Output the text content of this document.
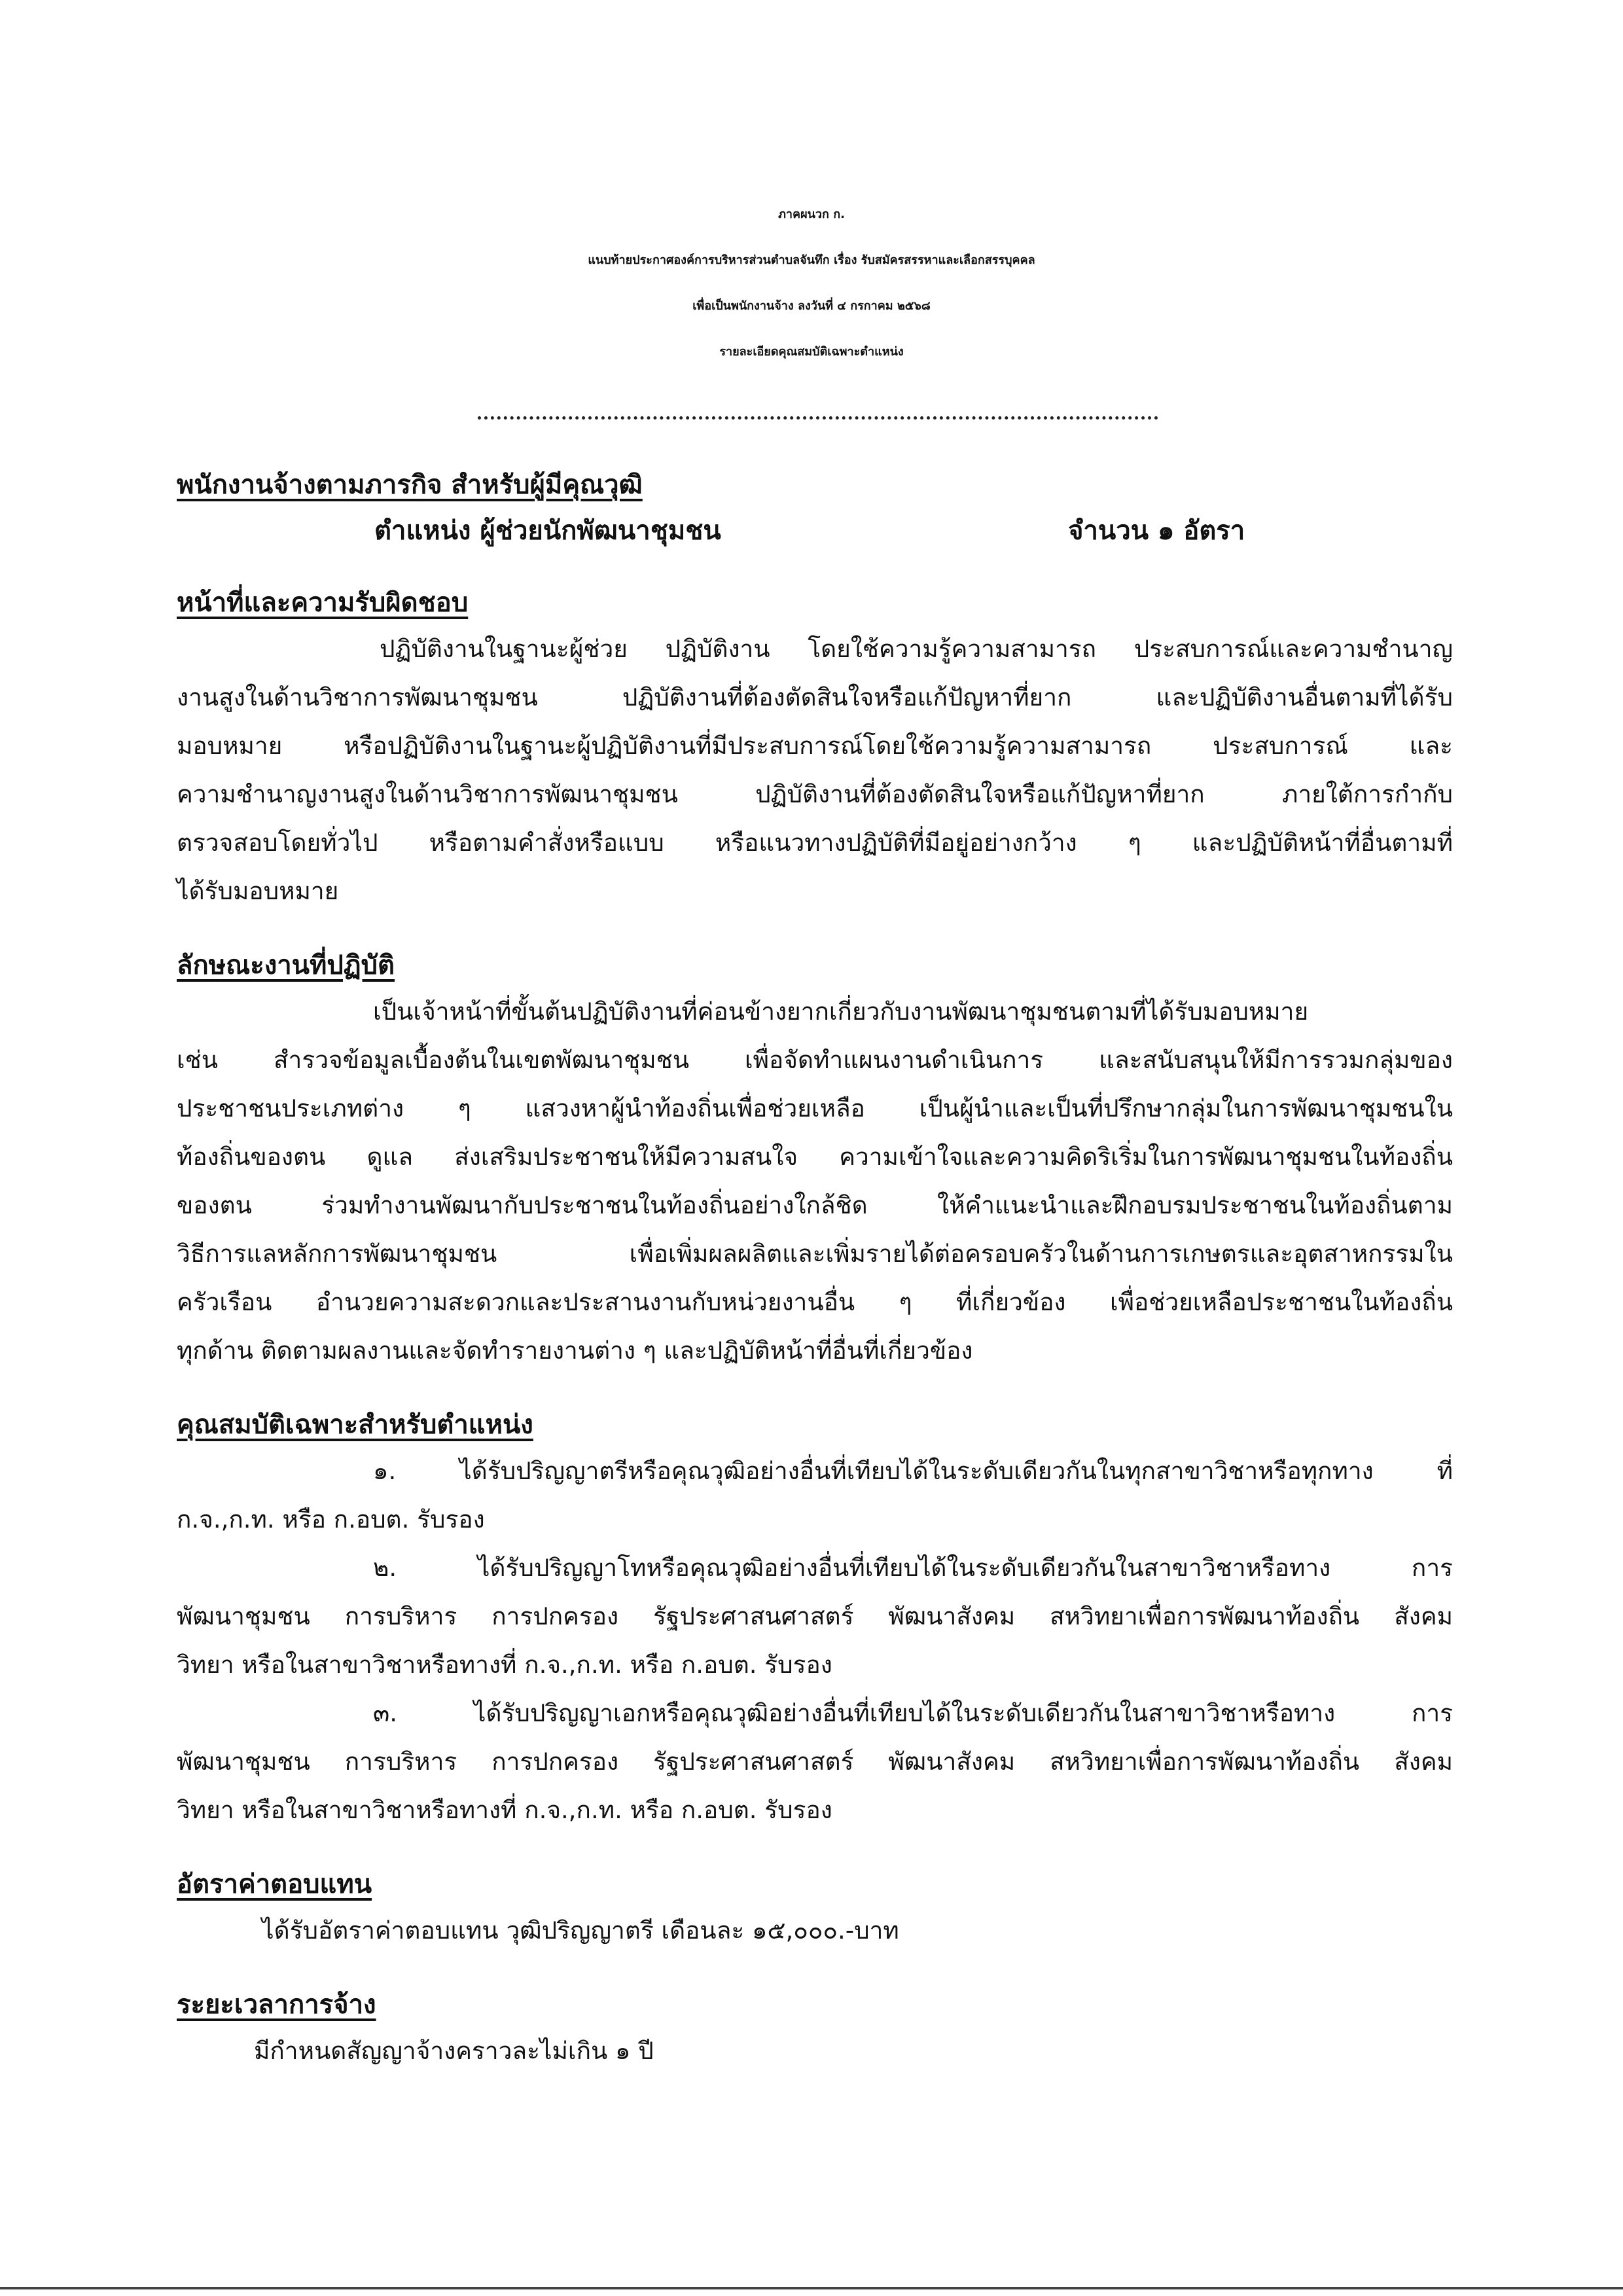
ภาคผนวก ก.
แนบท้ายประกาศองค์การบริหารส่วนตำบลจันทึก เรื่อง รับสมัครสรรหาและเลือกสรรบุคคล
เพื่อเป็นพนักงานจ้าง ลงวันที่ ๔ กรกาคม ๒๕๖๘
รายละเอียดคุณสมบัติเฉพาะตำแหน่ง
พนักงานจ้างตามภารกิจ สำหรับผู้มีคุณวุฒิ
ตำแหน่ง ผู้ช่วยนักพัฒนาชุมชน	จำนวน ๑ อัตรา
หน้าที่และความรับผิดชอบ
ปฏิบัติงานในฐานะผู้ช่วย ปฏิบัติงาน โดยใช้ความรู้ความสามารถ ประสบการณ์และความชำนาญ
งานสูงในด้านวิชาการพัฒนาชุมชน ปฏิบัติงานที่ต้องตัดสินใจหรือแก้ปัญหาที่ยาก และปฏิบัติงานอื่นตามที่ได้รับ
มอบหมาย หรือปฏิบัติงานในฐานะผู้ปฏิบัติงานที่มีประสบการณ์โดยใช้ความรู้ความสามารถ ประสบการณ์ และ
ความชำนาญงานสูงในด้านวิชาการพัฒนาชุมชน ปฏิบัติงานที่ต้องตัดสินใจหรือแก้ปัญหาที่ยาก ภายใต้การกำกับ
ตรวจสอบโดยทั่วไป หรือตามคำสั่งหรือแบบ หรือแนวทางปฏิบัติที่มีอยู่อย่างกว้าง ๆ และปฏิบัติหน้าที่อื่นตามที่
ได้รับมอบหมาย
ลักษณะงานที่ปฏิบัติ
เป็นเจ้าหน้าที่ขั้นต้นปฏิบัติงานที่ค่อนข้างยากเกี่ยวกับงานพัฒนาชุมชนตามที่ได้รับมอบหมาย
เช่น สำรวจข้อมูลเบื้องต้นในเขตพัฒนาชุมชน เพื่อจัดทำแผนงานดำเนินการ และสนับสนุนให้มีการรวมกลุ่มของ
ประชาชนประเภทต่าง ๆ แสวงหาผู้นำท้องถิ่นเพื่อช่วยเหลือ เป็นผู้นำและเป็นที่ปรึกษากลุ่มในการพัฒนาชุมชนใน
ท้องถิ่นของตน ดูแล ส่งเสริมประชาชนให้มีความสนใจ ความเข้าใจและความคิดริเริ่มในการพัฒนาชุมชนในท้องถิ่น
ของตน ร่วมทำงานพัฒนากับประชาชนในท้องถิ่นอย่างใกล้ชิด ให้คำแนะนำและฝึกอบรมประชาชนในท้องถิ่นตาม
วิธีการแลหลักการพัฒนาชุมชน เพื่อเพิ่มผลผลิตและเพิ่มรายได้ต่อครอบครัวในด้านการเกษตรและอุตสาหกรรมใน
ครัวเรือน อำนวยความสะดวกและประสานงานกับหน่วยงานอื่น ๆ ที่เกี่ยวข้อง เพื่อช่วยเหลือประชาชนในท้องถิ่น
ทุกด้าน ติดตามผลงานและจัดทำรายงานต่าง ๆ และปฏิบัติหน้าที่อื่นที่เกี่ยวข้อง
คุณสมบัติเฉพาะสำหรับตำแหน่ง
๑. ได้รับปริญญาตรีหรือคุณวุฒิอย่างอื่นที่เทียบได้ในระดับเดียวกันในทุกสาขาวิชาหรือทุกทาง ที่
ก.จ.,ก.ท. หรือ ก.อบต. รับรอง
๒. ได้รับปริญญาโทหรือคุณวุฒิอย่างอื่นที่เทียบได้ในระดับเดียวกันในสาขาวิชาหรือทาง การ
พัฒนาชุมชน การบริหาร การปกครอง รัฐประศาสนศาสตร์ พัฒนาสังคม สหวิทยาเพื่อการพัฒนาท้องถิ่น สังคม
วิทยา หรือในสาขาวิชาหรือทางที่ ก.จ.,ก.ท. หรือ ก.อบต. รับรอง
๓. ได้รับปริญญาเอกหรือคุณวุฒิอย่างอื่นที่เทียบได้ในระดับเดียวกันในสาขาวิชาหรือทาง การ
พัฒนาชุมชน การบริหาร การปกครอง รัฐประศาสนศาสตร์ พัฒนาสังคม สหวิทยาเพื่อการพัฒนาท้องถิ่น สังคม
วิทยา หรือในสาขาวิชาหรือทางที่ ก.จ.,ก.ท. หรือ ก.อบต. รับรอง
อัตราค่าตอบแทน
ได้รับอัตราค่าตอบแทน วุฒิปริญญาตรี เดือนละ ๑๕,๐๐๐.-บาท
ระยะเวลาการจ้าง
มีกำหนดสัญญาจ้างคราวละไม่เกิน ๑ ปี
